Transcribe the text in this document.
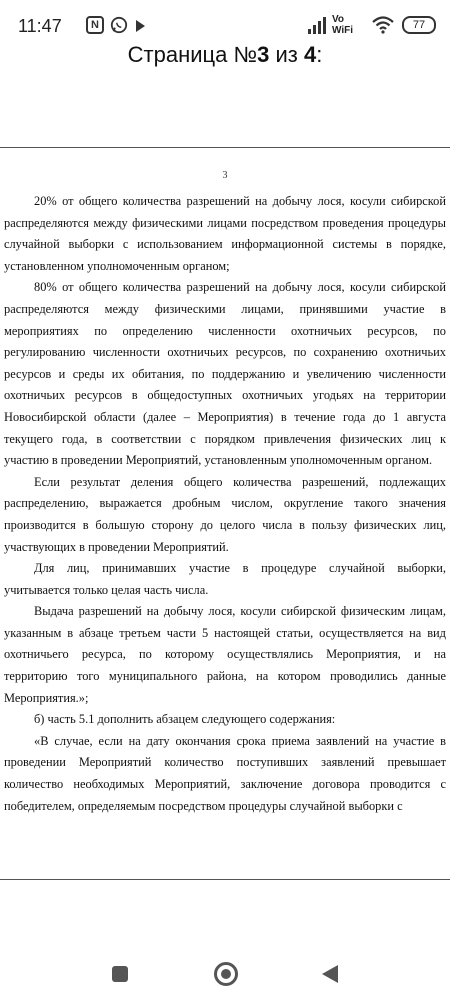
11:47	N	Vo
WiFi	77
Страница №3 из 4:
3
20% от общего количества разрешений на добычу лося, косули сибирской
распределяются между физическими лицами посредством проведения процедуры
случайной выборки с использованием информационной системы в порядке,
установленном уполномоченным органом;
80% от общего количества разрешений на добычу лося, косули сибирской
распределяются между физическими лицами, принявшими участие в
мероприятиях по определению численности охотничьих ресурсов, по
регулированию численности охотничьих ресурсов, по сохранению охотничьих
ресурсов и среды их обитания, по поддержанию и увеличению численности
охотничьих ресурсов в общедоступных охотничьих угодьях на территории
Новосибирской области (далее – Мероприятия) в течение года до 1 августа
текущего года, в соответствии с порядком привлечения физических лиц к
участию в проведении Мероприятий, установленным уполномоченным органом.
Если результат деления общего количества разрешений, подлежащих
распределению, выражается дробным числом, округление такого значения
производится в большую сторону до целого числа в пользу физических лиц,
участвующих в проведении Мероприятий.
Для лиц, принимавших участие в процедуре случайной выборки,
учитывается только целая часть числа.
Выдача разрешений на добычу лося, косули сибирской физическим лицам,
указанным в абзаце третьем части 5 настоящей статьи, осуществляется на вид
охотничьего ресурса, по которому осуществлялись Мероприятия, и на
территорию того муниципального района, на котором проводились данные
Мероприятия.»;
б) часть 5.1 дополнить абзацем следующего содержания:
«В случае, если на дату окончания срока приема заявлений на участие в
проведении Мероприятий количество поступивших заявлений превышает
количество необходимых Мероприятий, заключение договора проводится с
победителем, определяемым посредством процедуры случайной выборки с
